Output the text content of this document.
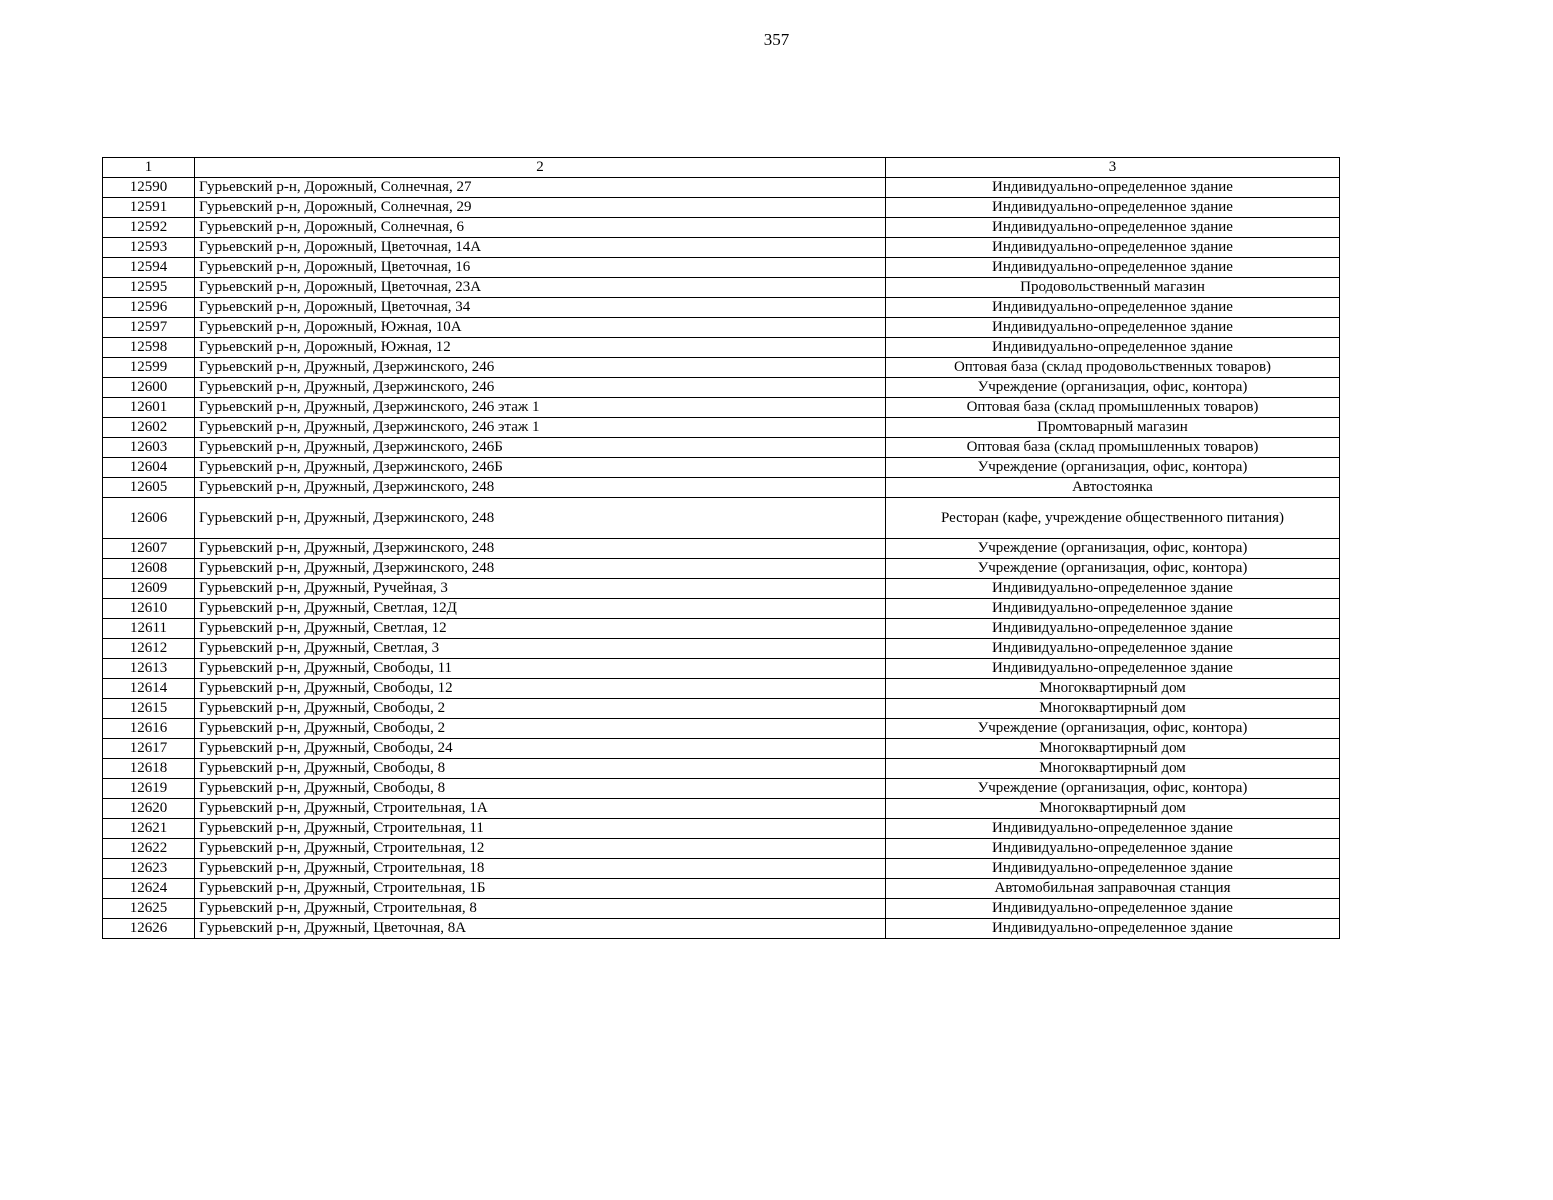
357
1	2	3
12590	Гурьевский р-н, Дорожный, Солнечная, 27	Индивидуально-определенное здание
12591	Гурьевский р-н, Дорожный, Солнечная, 29	Индивидуально-определенное здание
12592	Гурьевский р-н, Дорожный, Солнечная, 6	Индивидуально-определенное здание
12593	Гурьевский р-н, Дорожный, Цветочная, 14А	Индивидуально-определенное здание
12594	Гурьевский р-н, Дорожный, Цветочная, 16	Индивидуально-определенное здание
12595	Гурьевский р-н, Дорожный, Цветочная, 23А	Продовольственный магазин
12596	Гурьевский р-н, Дорожный, Цветочная, 34	Индивидуально-определенное здание
12597	Гурьевский р-н, Дорожный, Южная, 10А	Индивидуально-определенное здание
12598	Гурьевский р-н, Дорожный, Южная, 12	Индивидуально-определенное здание
12599	Гурьевский р-н, Дружный, Дзержинского, 246	Оптовая база (склад продовольственных товаров)
12600	Гурьевский р-н, Дружный, Дзержинского, 246	Учреждение (организация, офис, контора)
12601	Гурьевский р-н, Дружный, Дзержинского, 246 этаж 1	Оптовая база (склад промышленных товаров)
12602	Гурьевский р-н, Дружный, Дзержинского, 246 этаж 1	Промтоварный магазин
12603	Гурьевский р-н, Дружный, Дзержинского, 246Б	Оптовая база (склад промышленных товаров)
12604	Гурьевский р-н, Дружный, Дзержинского, 246Б	Учреждение (организация, офис, контора)
12605	Гурьевский р-н, Дружный, Дзержинского, 248	Автостоянка
12606	Гурьевский р-н, Дружный, Дзержинского, 248	Ресторан (кафе, учреждение общественного питания)
12607	Гурьевский р-н, Дружный, Дзержинского, 248	Учреждение (организация, офис, контора)
12608	Гурьевский р-н, Дружный, Дзержинского, 248	Учреждение (организация, офис, контора)
12609	Гурьевский р-н, Дружный, Ручейная, 3	Индивидуально-определенное здание
12610	Гурьевский р-н, Дружный, Светлая, 12Д	Индивидуально-определенное здание
12611	Гурьевский р-н, Дружный, Светлая, 12	Индивидуально-определенное здание
12612	Гурьевский р-н, Дружный, Светлая, 3	Индивидуально-определенное здание
12613	Гурьевский р-н, Дружный, Свободы, 11	Индивидуально-определенное здание
12614	Гурьевский р-н, Дружный, Свободы, 12	Многоквартирный дом
12615	Гурьевский р-н, Дружный, Свободы, 2	Многоквартирный дом
12616	Гурьевский р-н, Дружный, Свободы, 2	Учреждение (организация, офис, контора)
12617	Гурьевский р-н, Дружный, Свободы, 24	Многоквартирный дом
12618	Гурьевский р-н, Дружный, Свободы, 8	Многоквартирный дом
12619	Гурьевский р-н, Дружный, Свободы, 8	Учреждение (организация, офис, контора)
12620	Гурьевский р-н, Дружный, Строительная, 1А	Многоквартирный дом
12621	Гурьевский р-н, Дружный, Строительная, 11	Индивидуально-определенное здание
12622	Гурьевский р-н, Дружный, Строительная, 12	Индивидуально-определенное здание
12623	Гурьевский р-н, Дружный, Строительная, 18	Индивидуально-определенное здание
12624	Гурьевский р-н, Дружный, Строительная, 1Б	Автомобильная заправочная станция
12625	Гурьевский р-н, Дружный, Строительная, 8	Индивидуально-определенное здание
12626	Гурьевский р-н, Дружный, Цветочная, 8А	Индивидуально-определенное здание
